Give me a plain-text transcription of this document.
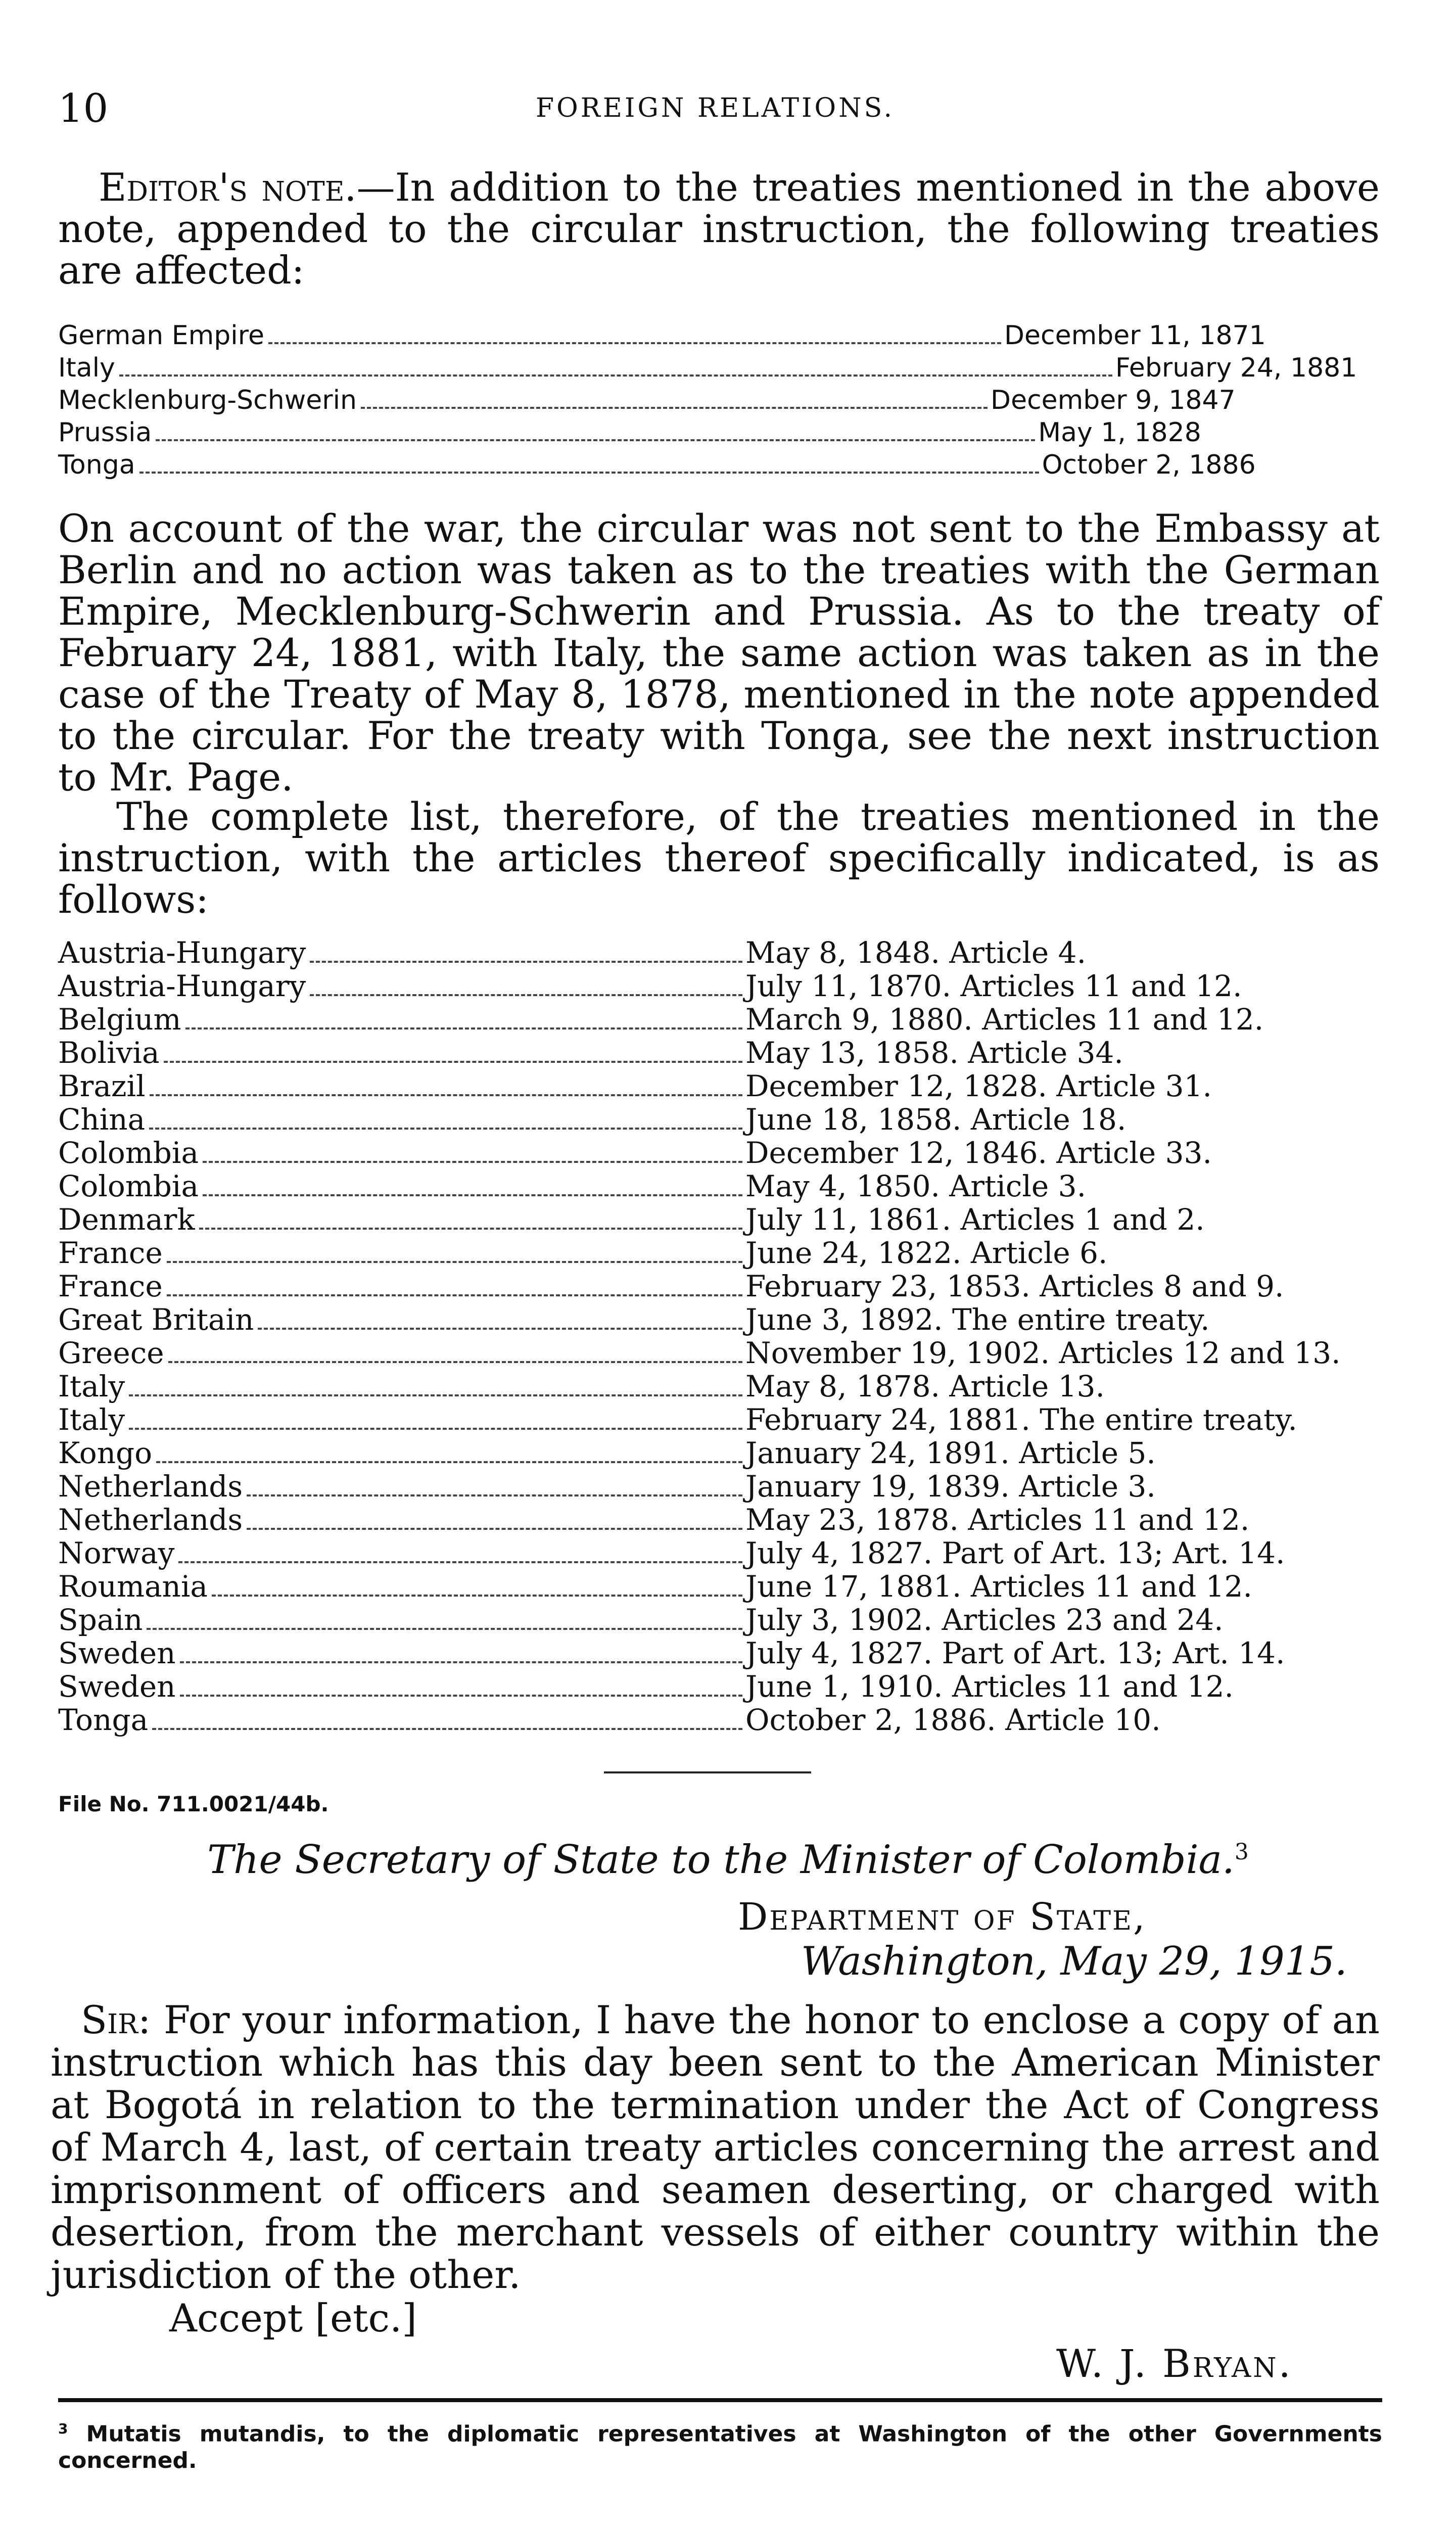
10	FOREIGN RELATIONS.

Editor's note.—In addition to the treaties mentioned in the above note, appended to the circular instruction, the following treaties are affected:

German Empire	December 11, 1871
Italy	February 24, 1881
Mecklenburg-Schwerin	December 9, 1847
Prussia	May 1, 1828
Tonga	October 2, 1886

On account of the war, the circular was not sent to the Embassy at Berlin and no action was taken as to the treaties with the German Empire, Mecklenburg-Schwerin and Prussia. As to the treaty of February 24, 1881, with Italy, the same action was taken as in the case of the Treaty of May 8, 1878, mentioned in the note appended to the circular. For the treaty with Tonga, see the next instruction to Mr. Page.

The complete list, therefore, of the treaties mentioned in the instruction, with the articles thereof specifically indicated, is as follows:

Austria-Hungary	May 8, 1848. Article 4.
Austria-Hungary	July 11, 1870. Articles 11 and 12.
Belgium	March 9, 1880. Articles 11 and 12.
Bolivia	May 13, 1858. Article 34.
Brazil	December 12, 1828. Article 31.
China	June 18, 1858. Article 18.
Colombia	December 12, 1846. Article 33.
Colombia	May 4, 1850. Article 3.
Denmark	July 11, 1861. Articles 1 and 2.
France	June 24, 1822. Article 6.
France	February 23, 1853. Articles 8 and 9.
Great Britain	June 3, 1892. The entire treaty.
Greece	November 19, 1902. Articles 12 and 13.
Italy	May 8, 1878. Article 13.
Italy	February 24, 1881. The entire treaty.
Kongo	January 24, 1891. Article 5.
Netherlands	January 19, 1839. Article 3.
Netherlands	May 23, 1878. Articles 11 and 12.
Norway	July 4, 1827. Part of Art. 13; Art. 14.
Roumania	June 17, 1881. Articles 11 and 12.
Spain	July 3, 1902. Articles 23 and 24.
Sweden	July 4, 1827. Part of Art. 13; Art. 14.
Sweden	June 1, 1910. Articles 11 and 12.
Tonga	October 2, 1886. Article 10.
File No. 711.0021/44b.
The Secretary of State to the Minister of Colombia.$^3$
Department of State,
Washington, May 29, 1915.

Sir: For your information, I have the honor to enclose a copy of an instruction which has this day been sent to the American Minister at Bogotá in relation to the termination under the Act of Congress of March 4, last, of certain treaty articles concerning the arrest and imprisonment of officers and seamen deserting, or charged with desertion, from the merchant vessels of either country within the jurisdiction of the other.

Accept [etc.]
W. J. Bryan.
$^3$ Mutatis mutandis, to the diplomatic representatives at Washington of the other Governments concerned.
